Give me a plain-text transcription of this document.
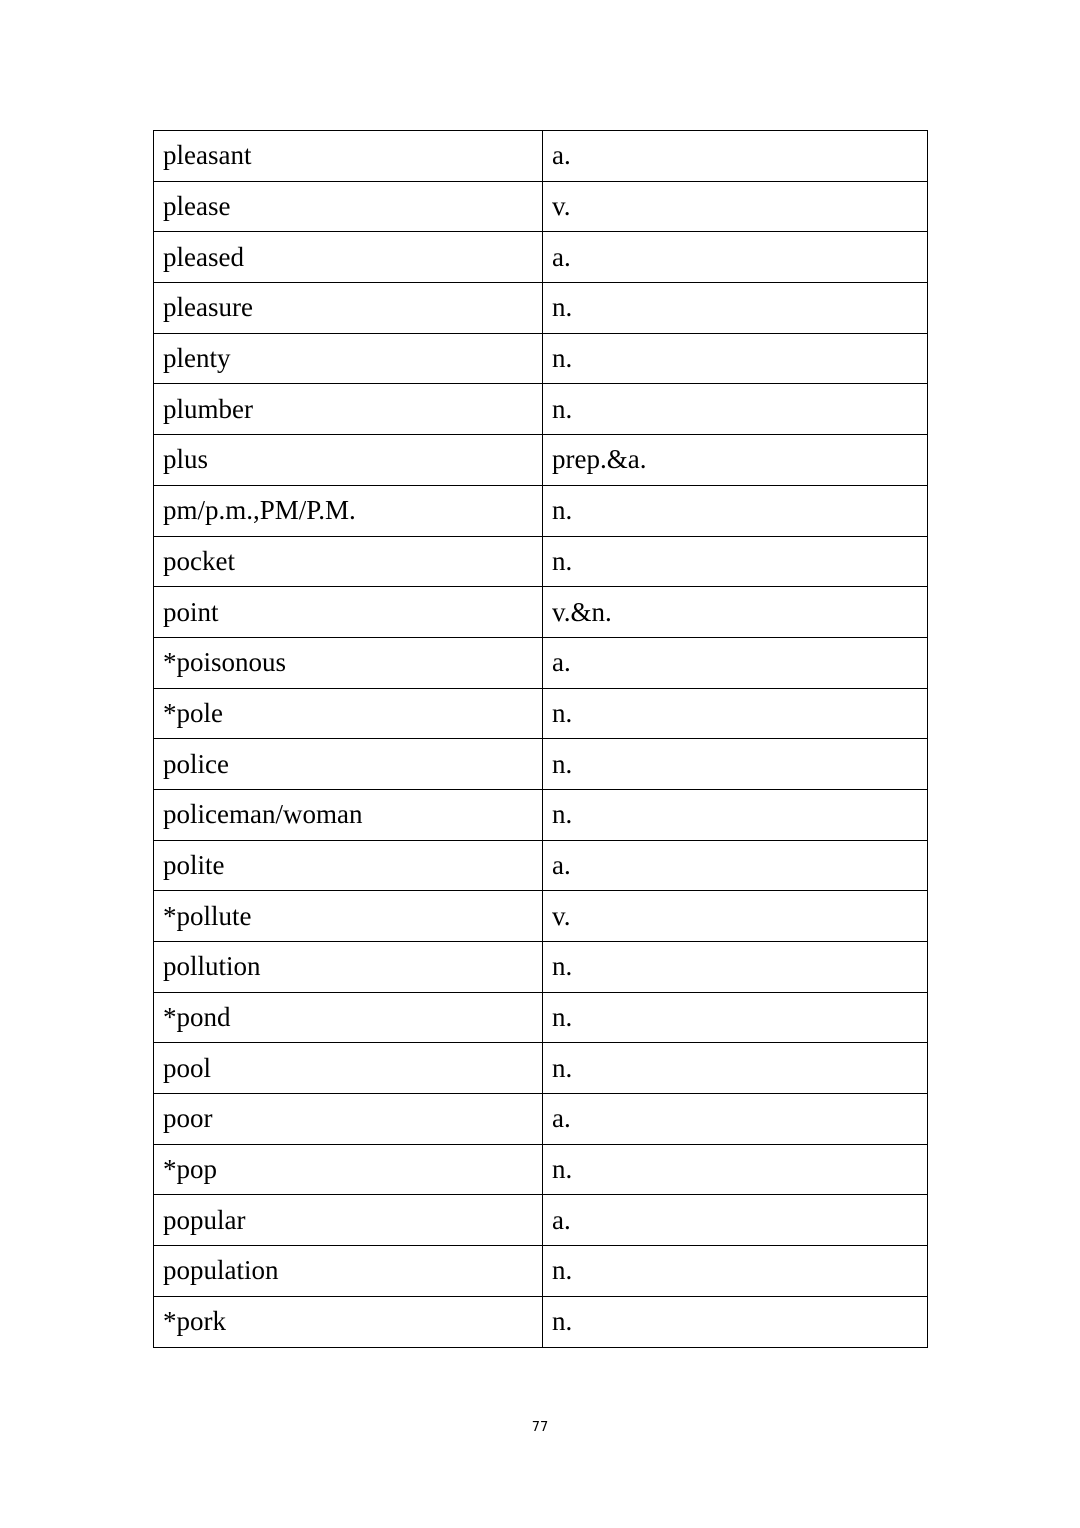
pleasant	a.
please	v.
pleased	a.
pleasure	n.
plenty	n.
plumber	n.
plus	prep.&a.
pm/p.m.,PM/P.M.	n.
pocket	n.
point	v.&n.
*poisonous	a.
*pole	n.
police	n.
policeman/woman	n.
polite	a.
*pollute	v.
pollution	n.
*pond	n.
pool	n.
poor	a.
*pop	n.
popular	a.
population	n.
*pork	n.
77
